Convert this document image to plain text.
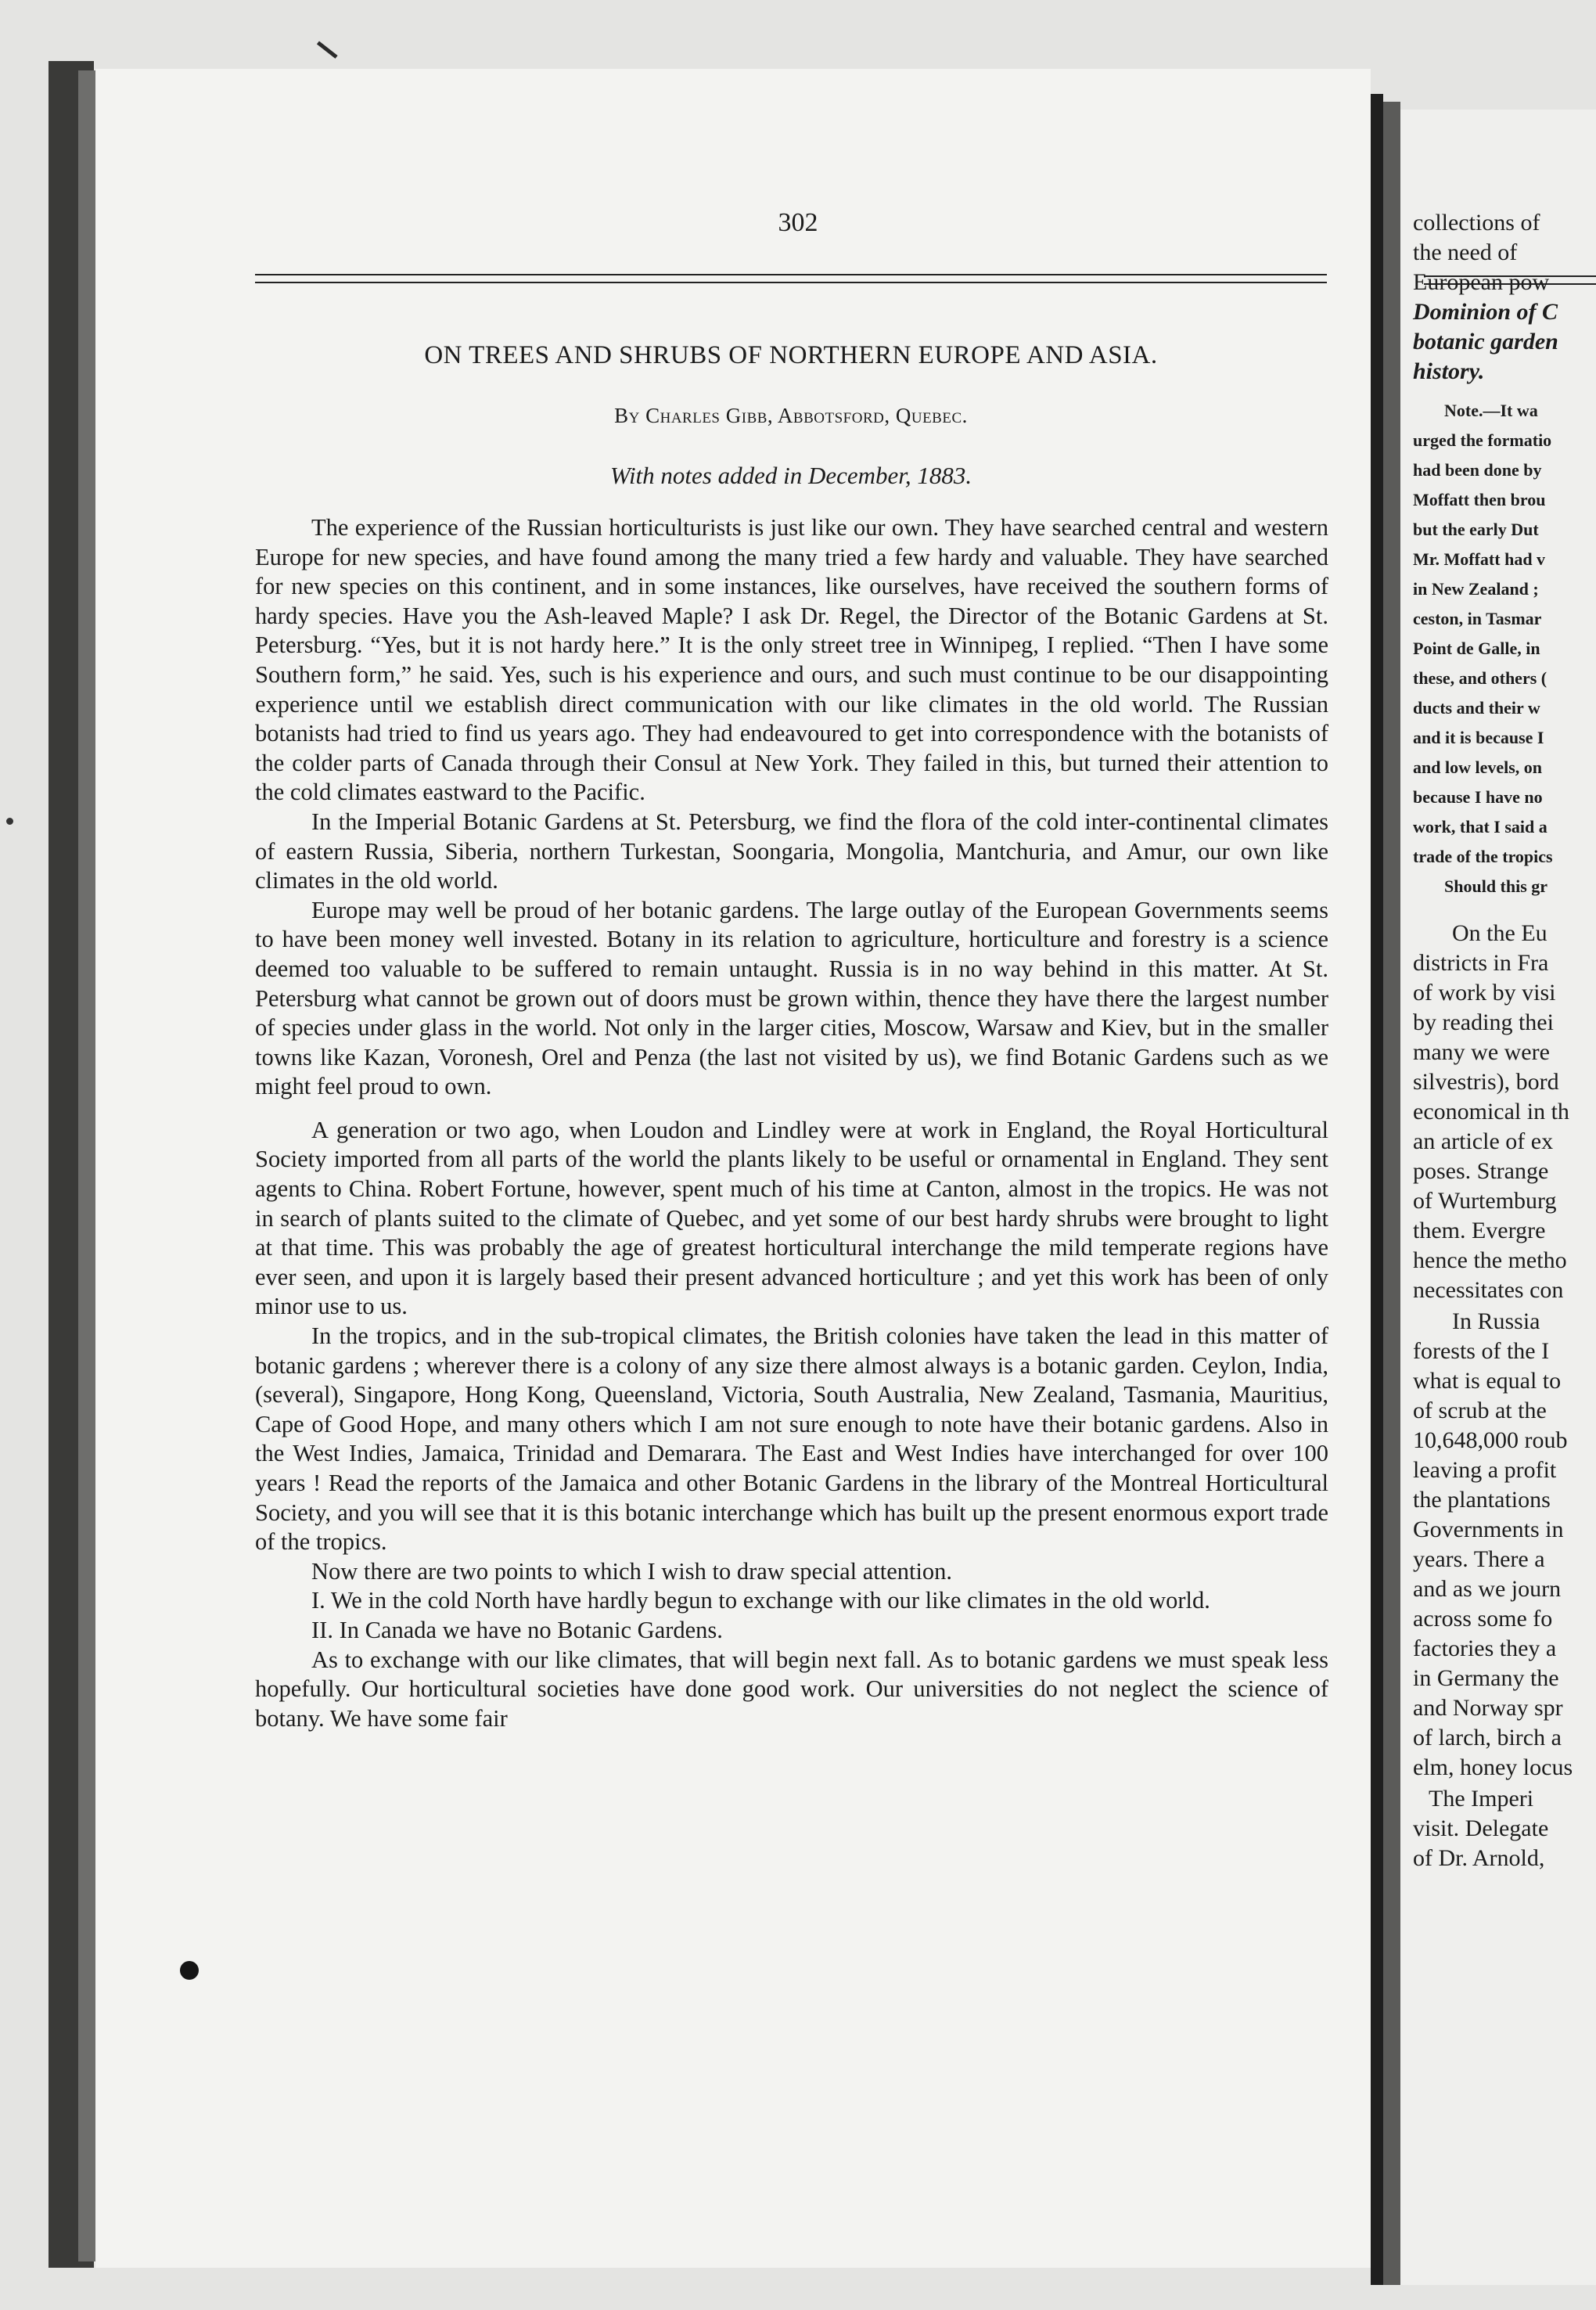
302
ON TREES AND SHRUBS OF NORTHERN EUROPE AND ASIA.
By Charles Gibb, Abbotsford, Quebec.
With notes added in December, 1883.

The experience of the Russian horticulturists is just like our own. They have searched central and western Europe for new species, and have found among the many tried a few hardy and valuable. They have searched for new species on this continent, and in some instances, like ourselves, have received the southern forms of hardy species. Have you the Ash-leaved Maple? I ask Dr. Regel, the Director of the Botanic Gardens at St. Petersburg. “Yes, but it is not hardy here.” It is the only street tree in Winnipeg, I replied. “Then I have some Southern form,” he said. Yes, such is his experience and ours, and such must continue to be our disappointing experience until we establish direct communication with our like climates in the old world. The Russian botanists had tried to find us years ago. They had endeavoured to get into correspondence with the botanists of the colder parts of Canada through their Consul at New York. They failed in this, but turned their attention to the cold climates eastward to the Pacific.

In the Imperial Botanic Gardens at St. Petersburg, we find the flora of the cold inter-continental climates of eastern Russia, Siberia, northern Turkestan, Soongaria, Mongolia, Mantchuria, and Amur, our own like climates in the old world.

Europe may well be proud of her botanic gardens. The large outlay of the European Governments seems to have been money well invested. Botany in its relation to agriculture, horticulture and forestry is a science deemed too valuable to be suffered to remain untaught. Russia is in no way behind in this matter. At St. Petersburg what cannot be grown out of doors must be grown within, thence they have there the largest number of species under glass in the world. Not only in the larger cities, Moscow, Warsaw and Kiev, but in the smaller towns like Kazan, Voronesh, Orel and Penza (the last not visited by us), we find Botanic Gardens such as we might feel proud to own.

A generation or two ago, when Loudon and Lindley were at work in England, the Royal Horticultural Society imported from all parts of the world the plants likely to be useful or ornamental in England. They sent agents to China. Robert Fortune, however, spent much of his time at Canton, almost in the tropics. He was not in search of plants suited to the climate of Quebec, and yet some of our best hardy shrubs were brought to light at that time. This was probably the age of greatest horticultural interchange the mild temperate regions have ever seen, and upon it is largely based their present advanced horticulture ; and yet this work has been of only minor use to us.

In the tropics, and in the sub-tropical climates, the British colonies have taken the lead in this matter of botanic gardens ; wherever there is a colony of any size there almost always is a botanic garden. Ceylon, India, (several), Singapore, Hong Kong, Queensland, Victoria, South Australia, New Zealand, Tasmania, Mauritius, Cape of Good Hope, and many others which I am not sure enough to note have their botanic gardens. Also in the West Indies, Jamaica, Trinidad and Demarara. The East and West Indies have interchanged for over 100 years ! Read the reports of the Jamaica and other Botanic Gardens in the library of the Montreal Horticultural Society, and you will see that it is this botanic interchange which has built up the present enormous export trade of the tropics.

Now there are two points to which I wish to draw special attention.

I. We in the cold North have hardly begun to exchange with our like climates in the old world.

II. In Canada we have no Botanic Gardens.

As to exchange with our like climates, that will begin next fall. As to botanic gardens we must speak less hopefully. Our horticultural societies have done good work. Our universities do not neglect the science of botany. We have some fair

collections of
the need of
European pow
Dominion of C
botanic garden
history.
Note.—It wa
urged the formatio
had been done by
Moffatt then brou
but the early Dut
Mr. Moffatt had v
in New Zealand ;
ceston, in Tasmar
Point de Galle, in
these, and others (
ducts and their w
and it is because I
and low levels, on
because I have no
work, that I said a
trade of the tropics
Should this gr
On the Eu
districts in Fra
of work by visi
by reading thei
many we were
silvestris), bord
economical in th
an article of ex
poses. Strange
of Wurtemburg
them. Evergre
hence the metho
necessitates con
In Russia
forests of the I
what is equal to
of scrub at the
10,648,000 roub
leaving a profit
the plantations
Governments in
years. There a
and as we journ
across some fo
factories they a
in Germany the
and Norway spr
of larch, birch a
elm, honey locus
The Imperi
visit. Delegate
of Dr. Arnold,
